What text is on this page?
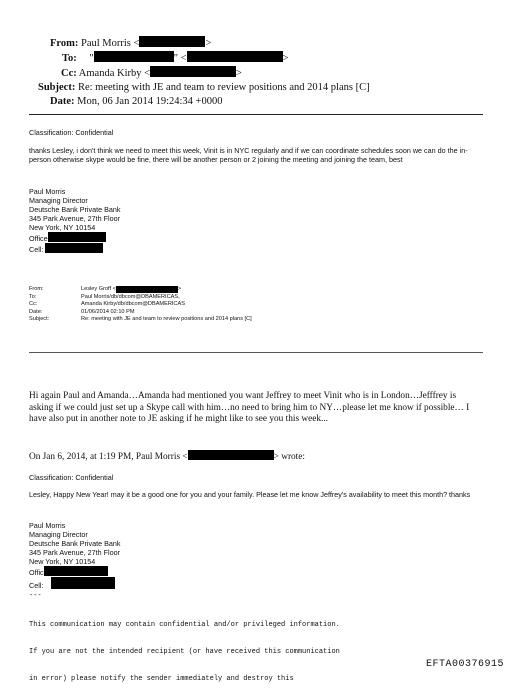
From: Paul Morris <	>
To: "	" <	>
Cc: Amanda Kirby <	>
Subject: Re: meeting with JE and team to review positions and 2014 plans [C]
Date: Mon, 06 Jan 2014 19:24:34 +0000
Classification: Confidential
thanks Lesley, i don't think we need to meet this week, Vinit is in NYC regularly and if we can coordinate schedules soon we can do the in-person otherwise skype would be fine, there will be another person or 2 joining the meeting and joining the team, best
Paul Morris
Managing Director
Deutsche Bank Private Bank
345 Park Avenue, 27th Floor
New York, NY 10154
Office
Cell:
From:	Lesley Groff <	>
To:	Paul Morris/db/dbcom@DBAMERICAS,
Cc:	Amanda Kirby/db/dbcom@DBAMERICAS
Date:	01/06/2014 02:10 PM
Subject:	Re: meeting with JE and team to review positions and 2014 plans [C]
Hi again Paul and Amanda…Amanda had mentioned you want Jeffrey to meet Vinit who is in London…Jefffrey is asking if we could just set up a Skype call with him…no need to bring him to NY…please let me know if possible… I have also put in another note to JE asking if he might like to see you this week...
On Jan 6, 2014, at 1:19 PM, Paul Morris <	> wrote:
Classification: Confidential
Lesley, Happy New Year! may it be a good one for you and your family. Please let me know Jeffrey's availability to meet this month? thanks
Paul Morris
Managing Director
Deutsche Bank Private Bank
345 Park Avenue, 27th Floor
New York, NY 10154
Offic
Cell:
---

This communication may contain confidential and/or privileged information.

If you are not the intended recipient (or have received this communication

in error) please notify the sender immediately and destroy this

EFTA00376915
